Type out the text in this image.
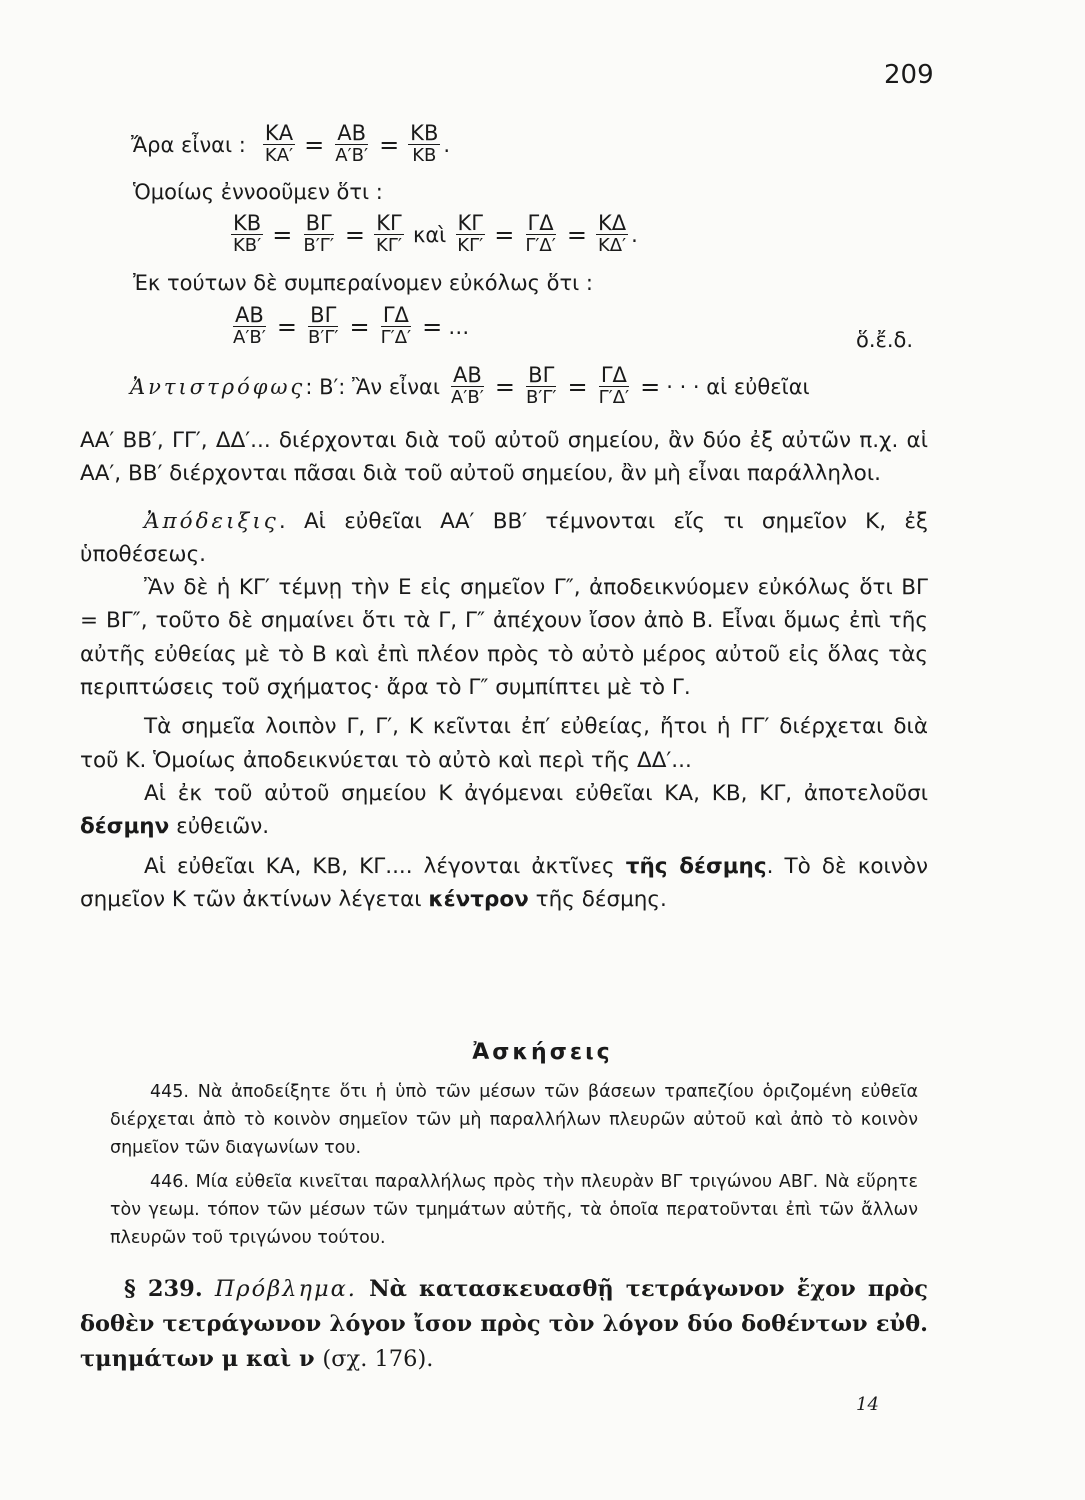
209
Ἄρα εἶναι : $\frac{KA}{KA'} = \frac{AB}{A'B'} = \frac{KB}{KB}$ .
Ὁμοίως ἐννοοῦμεν ὅτι :
$\frac{KB}{KB'} = \frac{B\Gamma}{B'\Gamma'} = \frac{K\Gamma}{K\Gamma'}$ καὶ $\frac{K\Gamma}{K\Gamma'} = \frac{\Gamma\Delta}{\Gamma'\Delta'} = \frac{K\Delta}{K\Delta'}$ .
Ἐκ τούτων δὲ συμπεραίνομεν εὐκόλως ὅτι :
$\frac{AB}{A'B'} = \frac{B\Gamma}{B'\Gamma'} = \frac{\Gamma\Delta}{\Gamma'\Delta'}$ = …
ὅ.ἔ.δ.
Ἀντιστρόφως : Β′: Ἂν εἶναι $\frac{AB}{A'B'} = \frac{B\Gamma}{B'\Gamma'} = \frac{\Gamma\Delta}{\Gamma'\Delta'}$ = · · · αἱ εὐθεῖαι

ΑΑ′ ΒΒ′, ΓΓ′, ΔΔ′... διέρχονται διὰ τοῦ αὐτοῦ σημείου, ἂν δύο ἐξ αὐτῶν π.χ. αἱ ΑΑ′, ΒΒ′ διέρχονται πᾶσαι διὰ τοῦ αὐτοῦ σημείου, ἂν μὴ εἶναι παράλληλοι.

Ἀπόδειξις. Αἱ εὐθεῖαι ΑΑ′ ΒΒ′ τέμνονται εἴς τι σημεῖον Κ, ἐξ ὑποθέσεως.

Ἂν δὲ ἡ ΚΓ′ τέμνῃ τὴν Ε εἰς σημεῖον Γ″, ἀποδεικνύομεν εὐκόλως ὅτι ΒΓ = ΒΓ″, τοῦτο δὲ σημαίνει ὅτι τὰ Γ, Γ″ ἀπέχουν ἴσον ἀπὸ Β. Εἶναι ὅμως ἐπὶ τῆς αὐτῆς εὐθείας μὲ τὸ Β καὶ ἐπὶ πλέον πρὸς τὸ αὐτὸ μέρος αὐτοῦ εἰς ὅλας τὰς περιπτώσεις τοῦ σχήματος· ἄρα τὸ Γ″ συμπίπτει μὲ τὸ Γ.

Τὰ σημεῖα λοιπὸν Γ, Γ′, Κ κεῖνται ἐπ′ εὐθείας, ἤτοι ἡ ΓΓ′ διέρχεται διὰ τοῦ Κ. Ὁμοίως ἀποδεικνύεται τὸ αὐτὸ καὶ περὶ τῆς ΔΔ′...

Αἱ ἐκ τοῦ αὐτοῦ σημείου Κ ἀγόμεναι εὐθεῖαι ΚΑ, ΚΒ, ΚΓ, ἀποτελοῦσι δέσμην εὐθειῶν.

Αἱ εὐθεῖαι ΚΑ, ΚΒ, ΚΓ.... λέγονται ἀκτῖνες τῆς δέσμης. Τὸ δὲ κοινὸν σημεῖον Κ τῶν ἀκτίνων λέγεται κέντρον τῆς δέσμης.

Ἀσκήσεις

445. Νὰ ἀποδείξητε ὅτι ἡ ὑπὸ τῶν μέσων τῶν βάσεων τραπεζίου ὁριζομένη εὐθεῖα διέρχεται ἀπὸ τὸ κοινὸν σημεῖον τῶν μὴ παραλλήλων πλευρῶν αὐτοῦ καὶ ἀπὸ τὸ κοινὸν σημεῖον τῶν διαγωνίων του.

446. Μία εὐθεῖα κινεῖται παραλλήλως πρὸς τὴν πλευρὰν ΒΓ τριγώνου ΑΒΓ. Νὰ εὕρητε τὸν γεωμ. τόπον τῶν μέσων τῶν τμημάτων αὐτῆς, τὰ ὁποῖα περατοῦνται ἐπὶ τῶν ἄλλων πλευρῶν τοῦ τριγώνου τούτου.

§ 239. Πρόβλημα. Νὰ κατασκευασθῇ τετράγωνον ἔχον πρὸς δοθὲν τετράγωνον λόγον ἴσον πρὸς τὸν λόγον δύο δοθέντων εὐθ. τμημάτων μ καὶ ν (σχ. 176).

14
